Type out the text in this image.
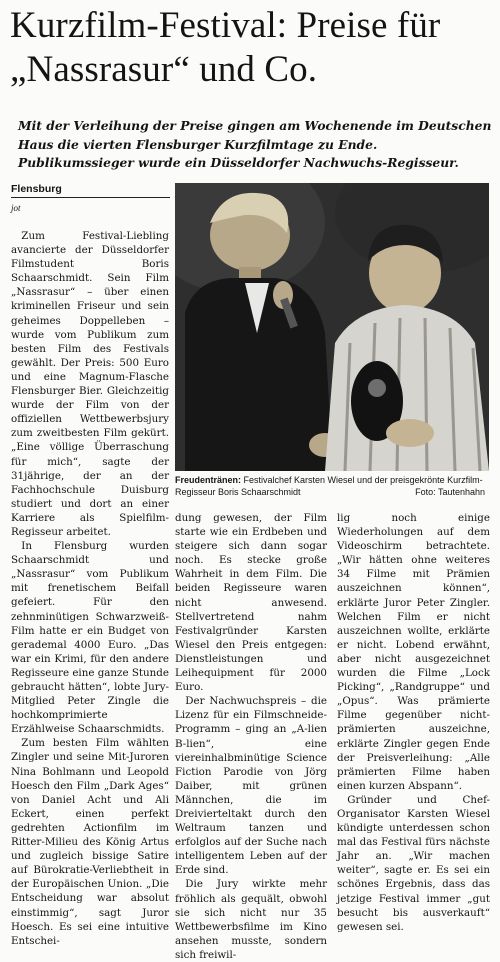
Kurzfilm-Festival: Preise für „Nassrasur“ und Co.

Mit der Verleihung der Preise gingen am Wochenende im Deutschen Haus die vierten Flensburger Kurzfilmtage zu Ende. Publikumssieger wurde ein Düsseldorfer Nachwuchs-Regisseur.

Flensburg
jot
Freudentränen: Festivalchef Karsten Wiesel und der preisgekrönte Kurzfilm-Regisseur Boris Schaarschmidt	Foto: Tautenhahn

Zum Festival-Liebling avancierte der Düsseldorfer Filmstudent Boris Schaarschmidt. Sein Film „Nassrasur“ – über einen kriminellen Friseur und sein geheimes Doppelleben – wurde vom Publikum zum besten Film des Festivals gewählt. Der Preis: 500 Euro und eine Magnum-Flasche Flensburger Bier. Gleichzeitig wurde der Film von der offiziellen Wettbewerbsjury zum zweitbesten Film gekürt. „Eine völlige Überraschung für mich“, sagte der 31jährige, der an der Fachhochschule Duisburg studiert und dort an einer Karriere als Spielfilm-Regisseur arbeitet.

In Flensburg wurden Schaarschmidt und „Nassrasur“ vom Publikum mit frenetischem Beifall gefeiert. Für den zehnminütigen Schwarzweiß-Film hatte er ein Budget von gerademal 4000 Euro. „Das war ein Krimi, für den andere Regisseure eine ganze Stunde gebraucht hätten“, lobte Jury-Mitglied Peter Zingle die hochkomprimierte Erzählweise Schaarschmidts.

Zum besten Film wählten Zingler und seine Mit-Juroren Nina Bohlmann und Leopold Hoesch den Film „Dark Ages“ von Daniel Acht und Ali Eckert, einen perfekt gedrehten Actionfilm im Ritter-Milieu des König Artus und zugleich bissige Satire auf Bürokratie-Verliebtheit in der Europäischen Union. „Die Entscheidung war absolut einstimmig“, sagt Juror Hoesch. Es sei eine intuitive Entschei-

dung gewesen, der Film starte wie ein Erdbeben und steigere sich dann sogar noch. Es stecke große Wahrheit in dem Film. Die beiden Regisseure waren nicht anwesend. Stellvertretend nahm Festivalgründer Karsten Wiesel den Preis entgegen: Dienstleistungen und Leihequipment für 2000 Euro.

Der Nachwuchspreis – die Lizenz für ein Filmschneide-Programm – ging an „A-lien B-lien“, eine viereinhalbminütige Science Fiction Parodie von Jörg Daiber, mit grünen Männchen, die im Dreivierteltakt durch den Weltraum tanzen und erfolglos auf der Suche nach intelligentem Leben auf der Erde sind.

Die Jury wirkte mehr fröhlich als gequält, obwohl sie sich nicht nur 35 Wettbewerbsfilme im Kino ansehen musste, sondern sich freiwil-

lig noch einige Wiederholungen auf dem Videoschirm betrachtete. „Wir hätten ohne weiteres 34 Filme mit Prämien auszeichnen können“, erklärte Juror Peter Zingler. Welchen Film er nicht auszeichnen wollte, erklärte er nicht. Lobend erwähnt, aber nicht ausgezeichnet wurden die Filme „Lock Picking“, „Randgruppe“ und „Opus“. Was prämierte Filme gegenüber nicht-prämierten auszeichne, erklärte Zingler gegen Ende der Preisverleihung: „Alle prämierten Filme haben einen kurzen Abspann“.

Gründer und Chef-Organisator Karsten Wiesel kündigte unterdessen schon mal das Festival fürs nächste Jahr an. „Wir machen weiter“, sagte er. Es sei ein schönes Ergebnis, dass das jetzige Festival immer „gut besucht bis ausverkauft“ gewesen sei.
